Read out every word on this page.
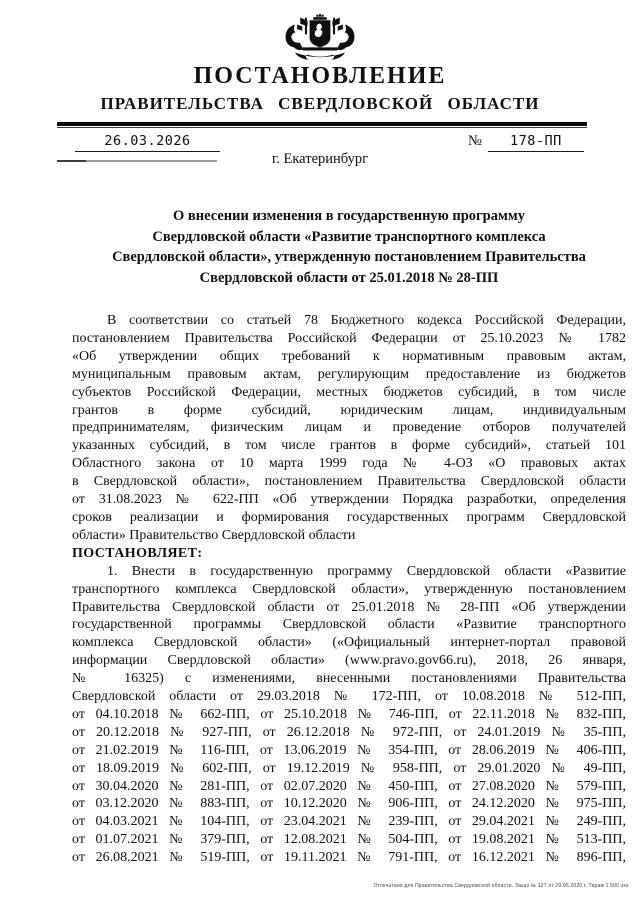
ПОСТАНОВЛЕНИЕ
ПРАВИТЕЛЬСТВА СВЕРДЛОВСКОЙ ОБЛАСТИ
26.03.2026	№	178-ПП
г. Екатеринбург
О внесении изменения в государственную программу
Свердловской области «Развитие транспортного комплекса
Свердловской области», утвержденную постановлением Правительства
Свердловской области от 25.01.2018 № 28-ПП
В соответствии со статьей 78 Бюджетного кодекса Российской Федерации,
постановлением Правительства Российской Федерации от 25.10.2023 № 1782
«Об утверждении общих требований к нормативным правовым актам,
муниципальным правовым актам, регулирующим предоставление из бюджетов
субъектов Российской Федерации, местных бюджетов субсидий, в том числе
грантов в форме субсидий, юридическим лицам, индивидуальным
предпринимателям, физическим лицам и проведение отборов получателей
указанных субсидий, в том числе грантов в форме субсидий», статьей 101
Областного закона от 10 марта 1999 года № 4-ОЗ «О правовых актах
в Свердловской области», постановлением Правительства Свердловской области
от 31.08.2023 № 622-ПП «Об утверждении Порядка разработки, определения
сроков реализации и формирования государственных программ Свердловской
области» Правительство Свердловской области
ПОСТАНОВЛЯЕТ:
1. Внести в государственную программу Свердловской области «Развитие
транспортного комплекса Свердловской области», утвержденную постановлением
Правительства Свердловской области от 25.01.2018 № 28-ПП «Об утверждении
государственной программы Свердловской области «Развитие транспортного
комплекса Свердловской области» («Официальный интернет-портал правовой
информации Свердловской области» (www.pravo.gov66.ru), 2018, 26 января,
№ 16325) с изменениями, внесенными постановлениями Правительства
Свердловской области от 29.03.2018 № 172-ПП, от 10.08.2018 № 512-ПП,
от 04.10.2018 № 662-ПП, от 25.10.2018 № 746-ПП, от 22.11.2018 № 832-ПП,
от 20.12.2018 № 927-ПП, от 26.12.2018 № 972-ПП, от 24.01.2019 № 35-ПП,
от 21.02.2019 № 116-ПП, от 13.06.2019 № 354-ПП, от 28.06.2019 № 406-ПП,
от 18.09.2019 № 602-ПП, от 19.12.2019 № 958-ПП, от 29.01.2020 № 49-ПП,
от 30.04.2020 № 281-ПП, от 02.07.2020 № 450-ПП, от 27.08.2020 № 579-ПП,
от 03.12.2020 № 883-ПП, от 10.12.2020 № 906-ПП, от 24.12.2020 № 975-ПП,
от 04.03.2021 № 104-ПП, от 23.04.2021 № 239-ПП, от 29.04.2021 № 249-ПП,
от 01.07.2021 № 379-ПП, от 12.08.2021 № 504-ПП, от 19.08.2021 № 513-ПП,
от 26.08.2021 № 519-ПП, от 19.11.2021 № 791-ПП, от 16.12.2021 № 896-ПП,
Отпечатано для Правительства Свердловской области. Заказ № 127 от 29.05.2020 г. Тираж 1 500 экз.
